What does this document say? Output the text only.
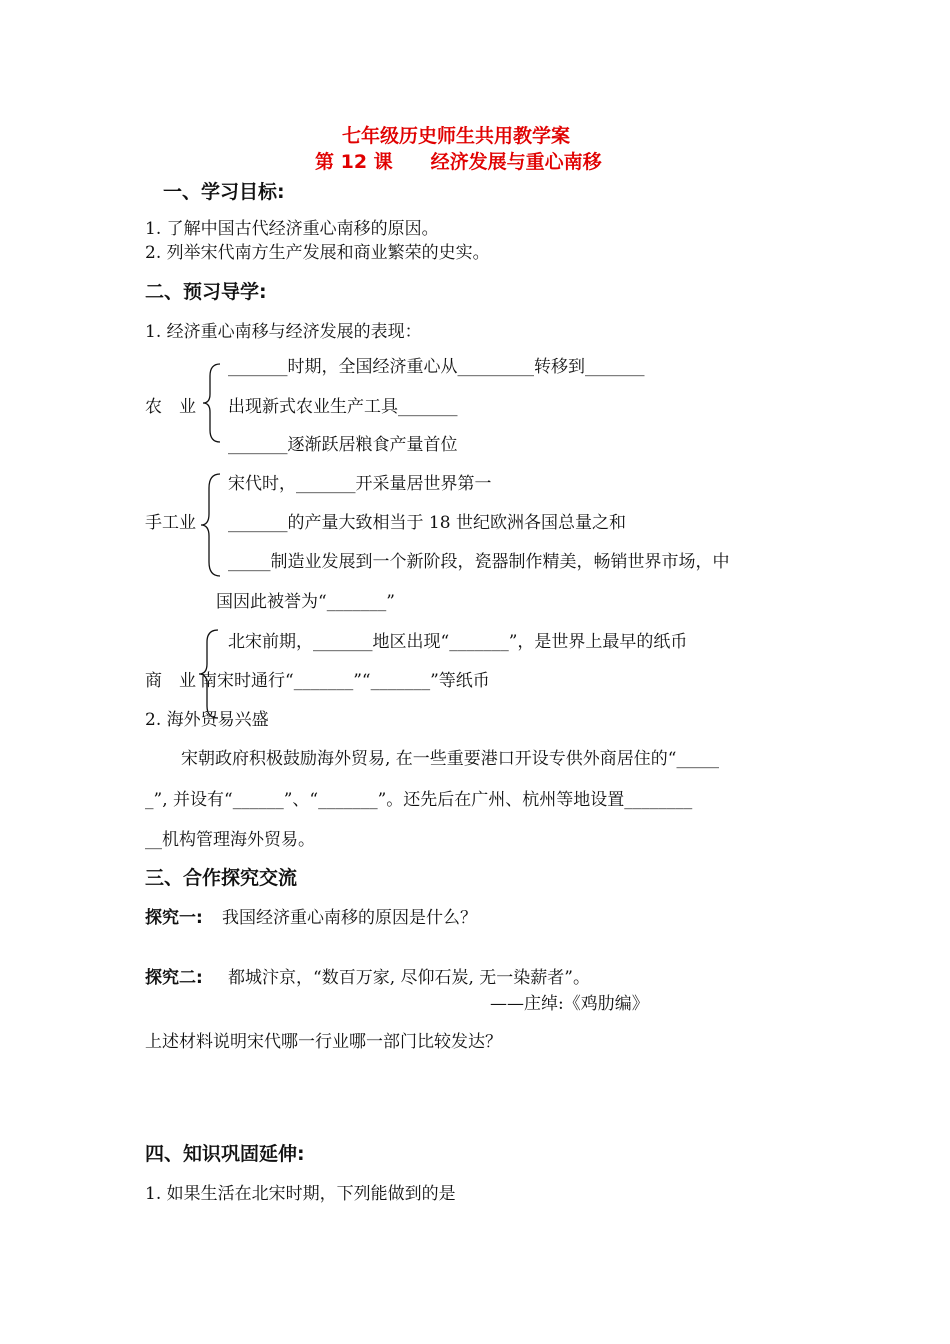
七年级历史师生共用教学案
第 12 课　　经济发展与重心南移
一、学习目标:
1. 了解中国古代经济重心南移的原因。
2. 列举宋代南方生产发展和商业繁荣的史实。
二、预习导学:
1. 经济重心南移与经济发展的表现：
农　业
_______时期，全国经济重心从_________转移到_______
出现新式农业生产工具_______
_______逐渐跃居粮食产量首位
手工业
宋代时，_______开采量居世界第一
_______的产量大致相当于 18 世纪欧洲各国总量之和
_____制造业发展到一个新阶段，瓷器制作精美，畅销世界市场，中
国因此被誉为“_______”
商　业
北宋前期，_______地区出现“_______”，是世界上最早的纸币
南宋时通行“_______”“_______”等纸币
2. 海外贸易兴盛
宋朝政府积极鼓励海外贸易, 在一些重要港口开设专供外商居住的“_____
_”, 并设有“______”、“_______”。还先后在广州、杭州等地设置________
__机构管理海外贸易。
三、合作探究交流
探究一: 我国经济重心南移的原因是什么？
探究二: 都城汴京，“数百万家, 尽仰石炭, 无一染薪者”。
——庄绰:《鸡肋编》
上述材料说明宋代哪一行业哪一部门比较发达？
四、知识巩固延伸:
1. 如果生活在北宋时期，下列能做到的是
